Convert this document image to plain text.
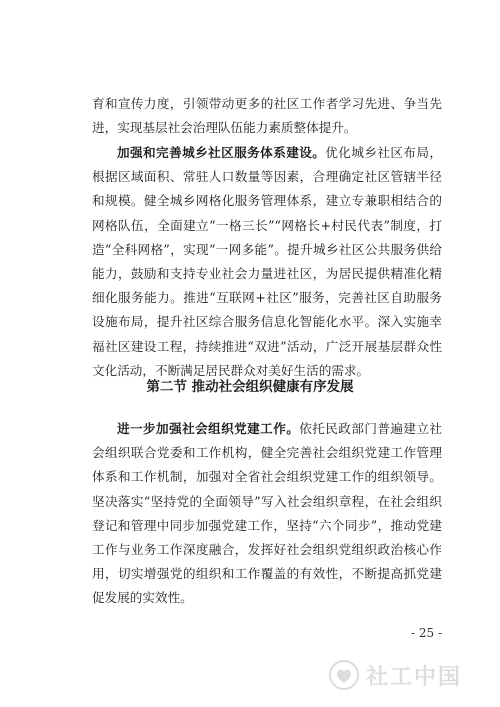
育和宣传力度，引领带动更多的社区工作者学习先进、争当先进，实现基层社会治理队伍能力素质整体提升。

加强和完善城乡社区服务体系建设。优化城乡社区布局，根据区域面积、常驻人口数量等因素，合理确定社区管辖半径和规模。健全城乡网格化服务管理体系，建立专兼职相结合的网格队伍，全面建立“一格三长”“网格长+村民代表”制度，打造“全科网格”，实现“一网多能”。提升城乡社区公共服务供给能力，鼓励和支持专业社会力量进社区，为居民提供精准化精细化服务能力。推进“互联网+社区”服务，完善社区自助服务设施布局，提升社区综合服务信息化智能化水平。深入实施幸福社区建设工程，持续推进“双进”活动，广泛开展基层群众性文化活动，不断满足居民群众对美好生活的需求。

第二节 推动社会组织健康有序发展

进一步加强社会组织党建工作。依托民政部门普遍建立社会组织联合党委和工作机构，健全完善社会组织党建工作管理体系和工作机制，加强对全省社会组织党建工作的组织领导。坚决落实“坚持党的全面领导”写入社会组织章程，在社会组织登记和管理中同步加强党建工作，坚持“六个同步”，推动党建工作与业务工作深度融合，发挥好社会组织党组织政治核心作用，切实增强党的组织和工作覆盖的有效性，不断提高抓党建促发展的实效性。

- 25 -
社工中国
